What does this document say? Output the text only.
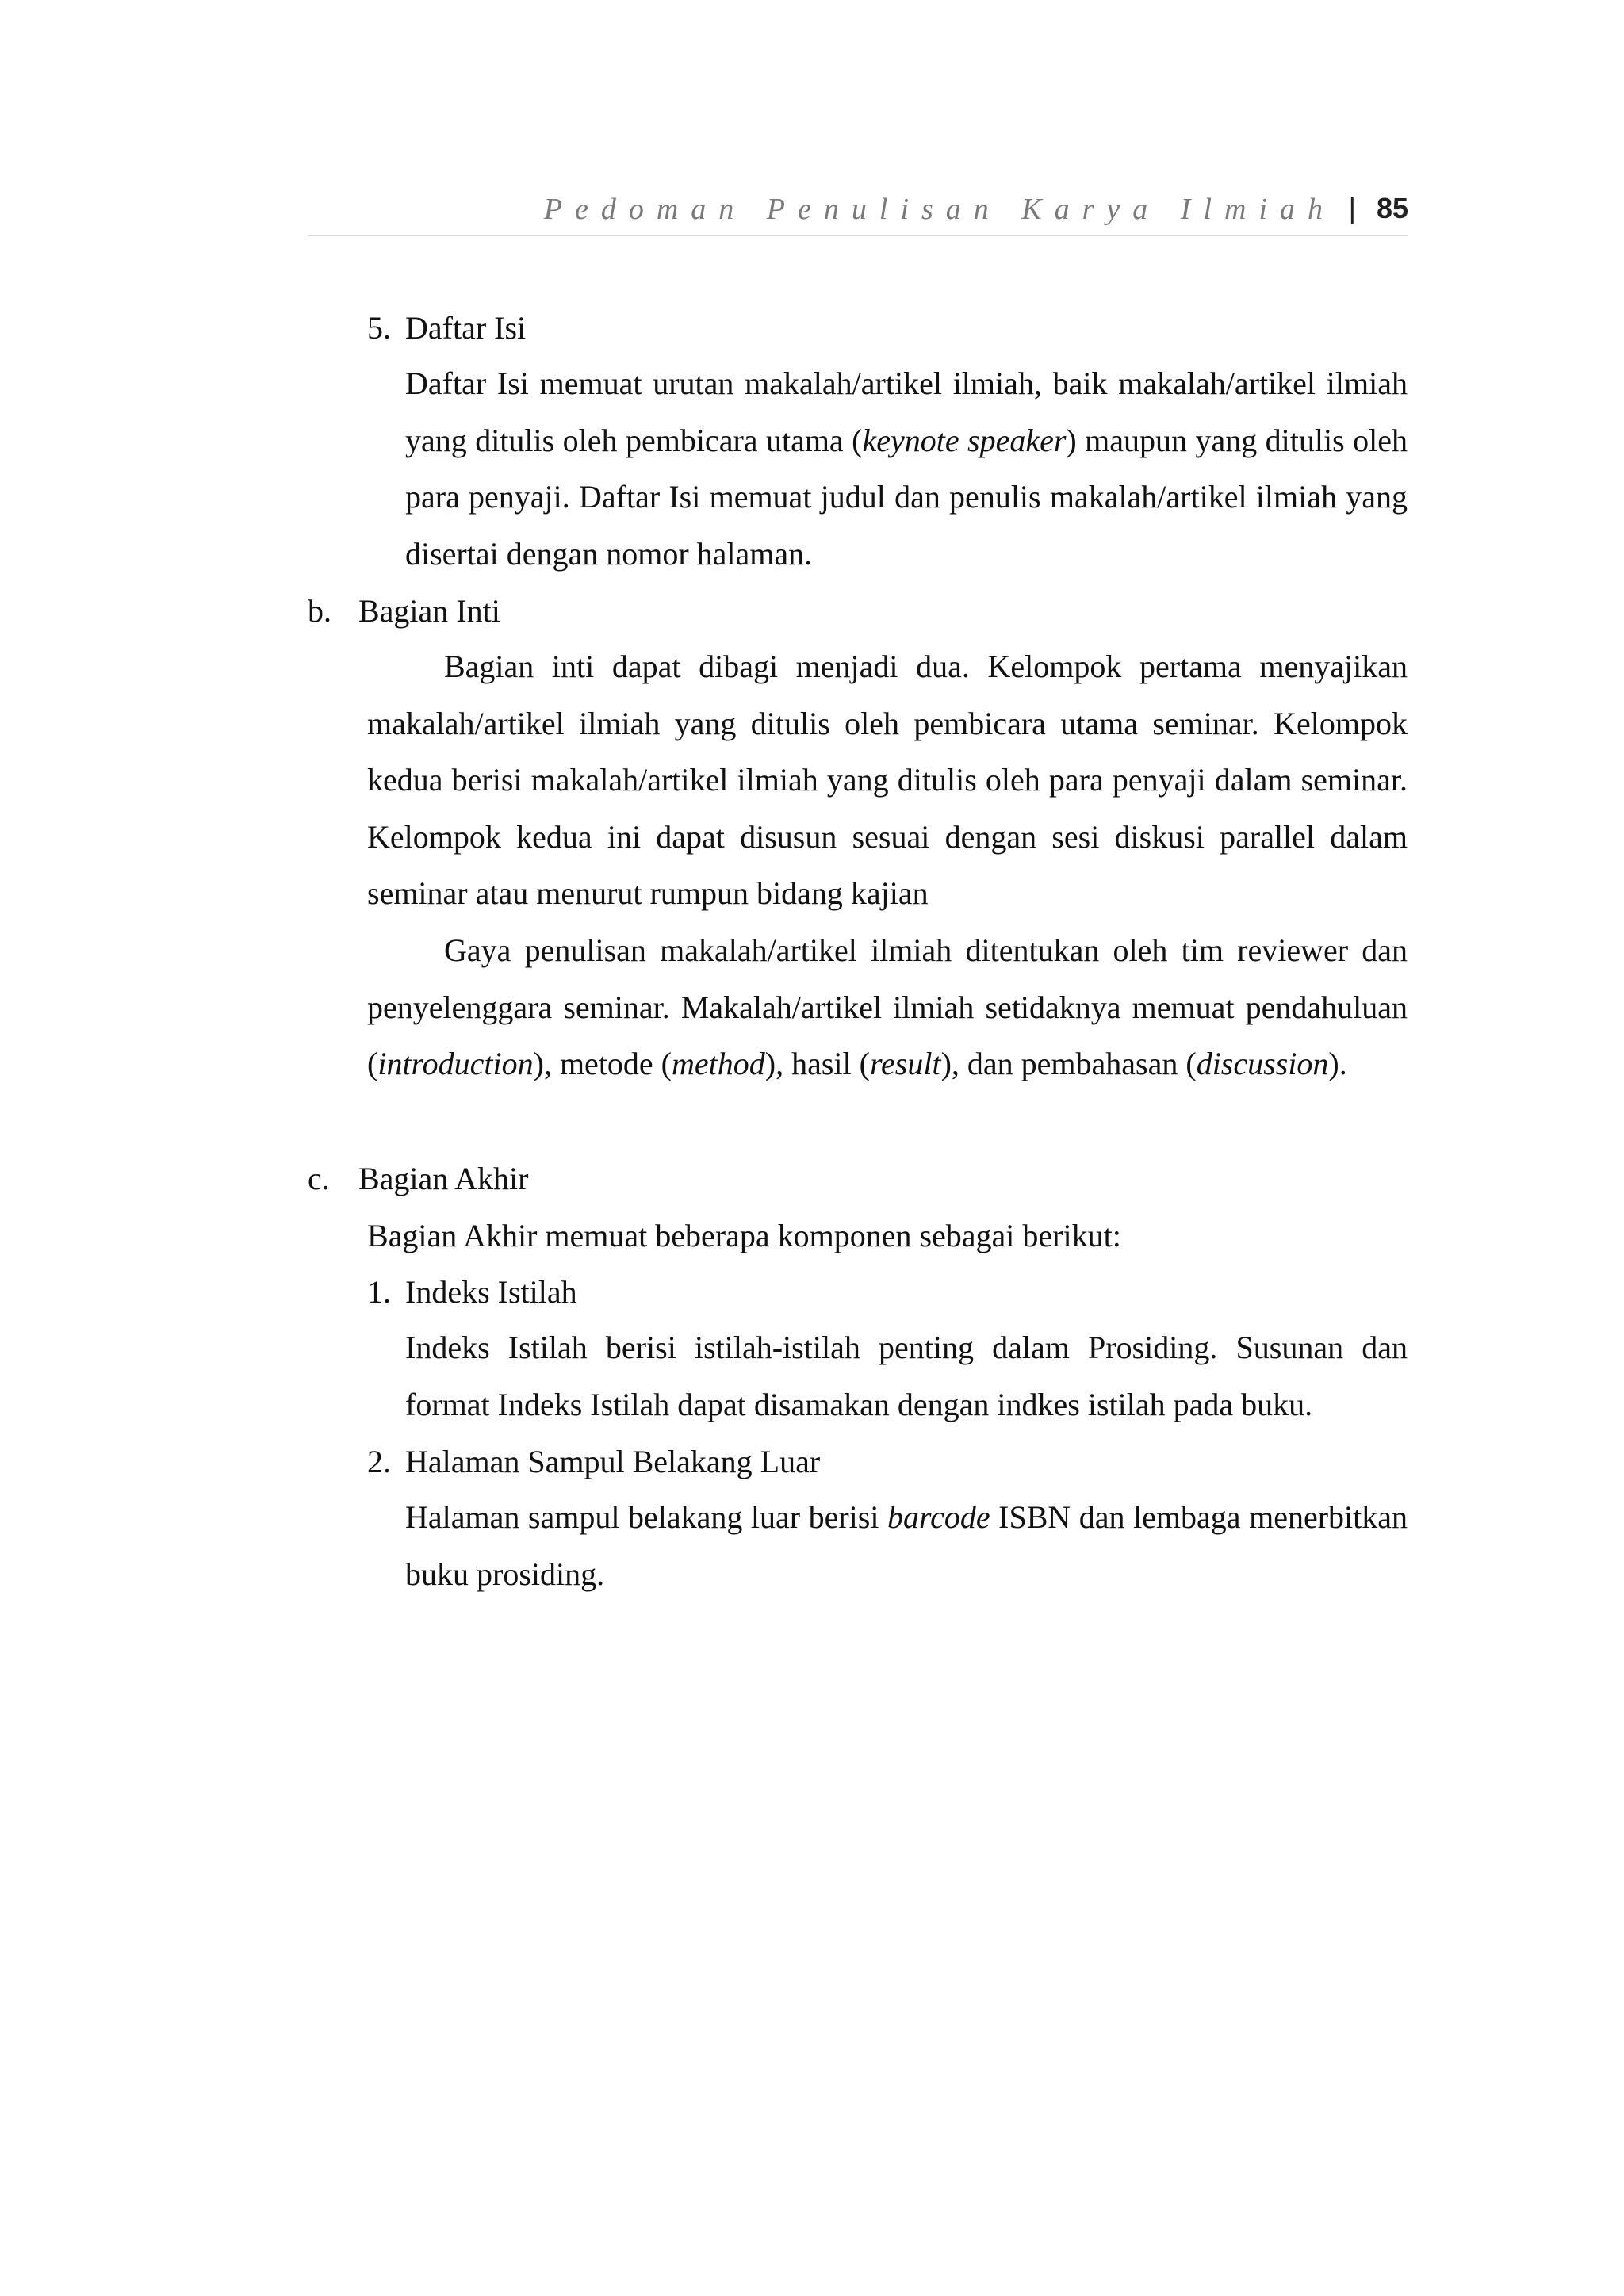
Pedoman Penulisan Karya Ilmiah | 85
5. Daftar Isi
Daftar Isi memuat urutan makalah/artikel ilmiah, baik makalah/artikel ilmiah yang ditulis oleh pembicara utama (keynote speaker) maupun yang ditulis oleh para penyaji. Daftar Isi memuat judul dan penulis makalah/artikel ilmiah yang disertai dengan nomor halaman.
b. Bagian Inti
Bagian inti dapat dibagi menjadi dua. Kelompok pertama menyajikan makalah/artikel ilmiah yang ditulis oleh pembicara utama seminar. Kelompok kedua berisi makalah/artikel ilmiah yang ditulis oleh para penyaji dalam seminar. Kelompok kedua ini dapat disusun sesuai dengan sesi diskusi parallel dalam seminar atau menurut rumpun bidang kajian
Gaya penulisan makalah/artikel ilmiah ditentukan oleh tim reviewer dan penyelenggara seminar. Makalah/artikel ilmiah setidaknya memuat pendahuluan (introduction), metode (method), hasil (result), dan pembahasan (discussion).
c. Bagian Akhir
Bagian Akhir memuat beberapa komponen sebagai berikut:
1. Indeks Istilah
Indeks Istilah berisi istilah-istilah penting dalam Prosiding. Susunan dan format Indeks Istilah dapat disamakan dengan indkes istilah pada buku.
2. Halaman Sampul Belakang Luar
Halaman sampul belakang luar berisi barcode ISBN dan lembaga menerbitkan buku prosiding.
